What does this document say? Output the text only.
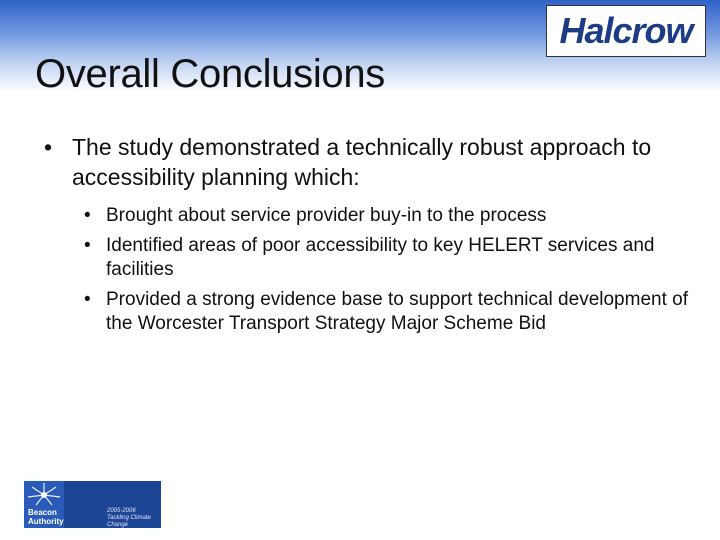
Overall Conclusions
Halcrow
• The study demonstrated a technically robust approach to accessibility planning which:
• Brought about service provider buy-in to the process
• Identified areas of poor accessibility to key HELERT services and facilities
• Provided a strong evidence base to support technical development of the Worcester Transport Strategy Major Scheme Bid
Beacon
Authority
2005-2006
Tackling Climate Change
